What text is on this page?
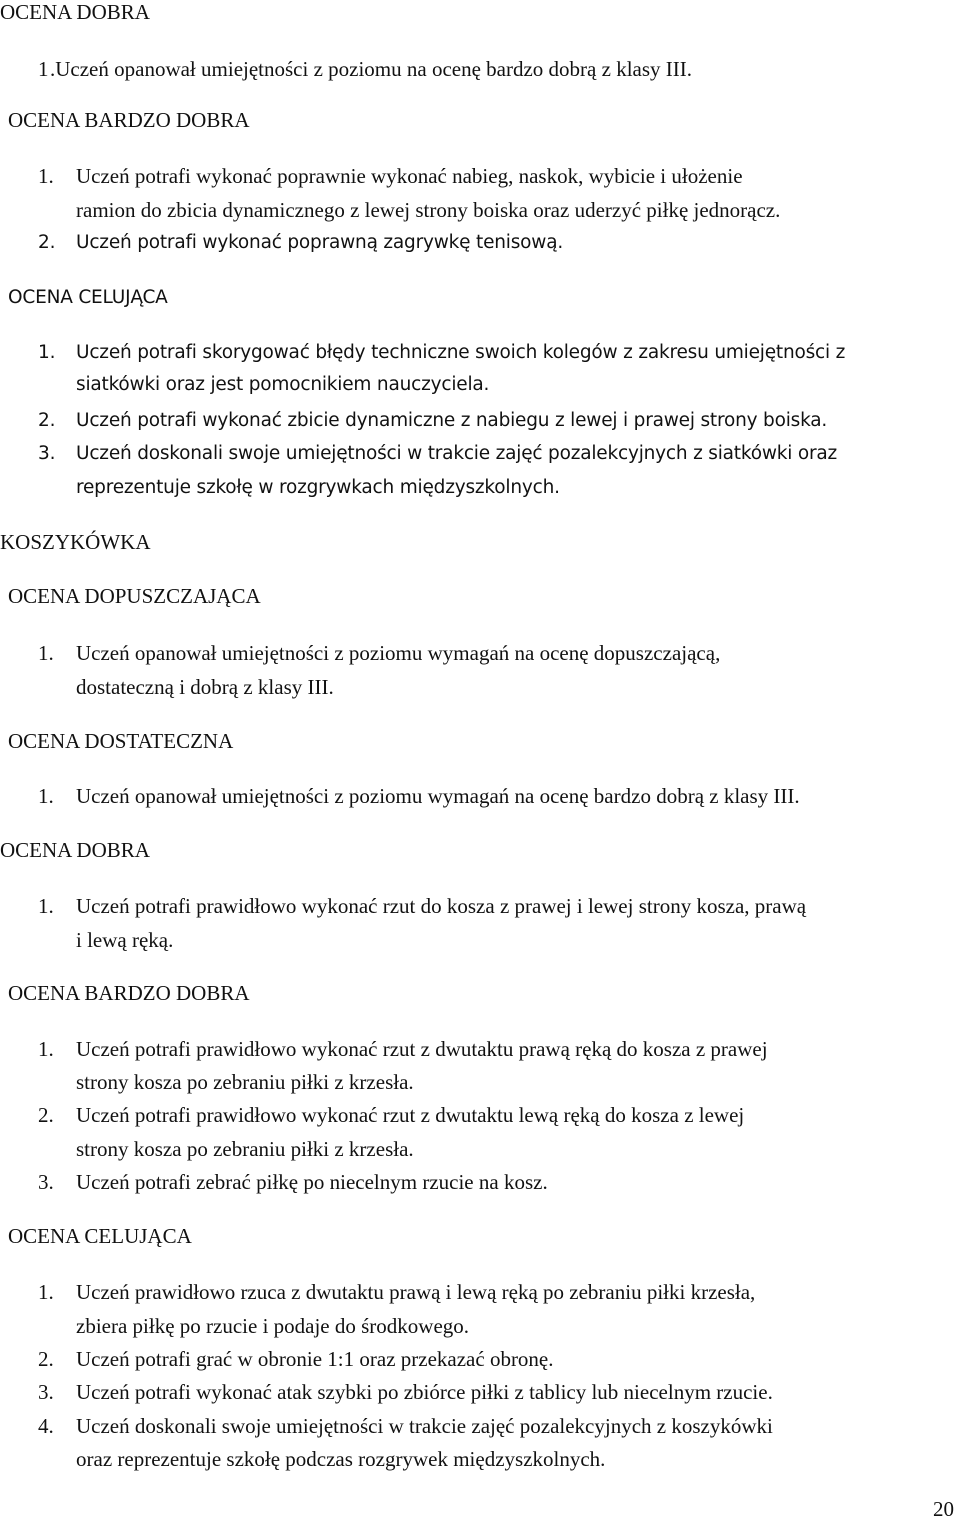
OCENA DOBRA
1 .Uczeń opanował umiejętności z poziomu na ocenę bardzo dobrą z klasy III.
OCENA BARDZO DOBRA
1. Uczeń potrafi wykonać poprawnie wykonać nabieg, naskok, wybicie i ułożenie
ramion do zbicia dynamicznego z lewej strony boiska oraz uderzyć piłkę jednorącz.
2. Uczeń potrafi wykonać poprawną zagrywkę tenisową.
OCENA CELUJĄCA
1. Uczeń potrafi skorygować błędy techniczne swoich kolegów z zakresu umiejętności z
siatkówki oraz jest pomocnikiem nauczyciela.
2. Uczeń potrafi wykonać zbicie dynamiczne z nabiegu z lewej i prawej strony boiska.
3. Uczeń doskonali swoje umiejętności w trakcie zajęć pozalekcyjnych z siatkówki oraz
reprezentuje szkołę w rozgrywkach międzyszkolnych.
KOSZYKÓWKA
OCENA DOPUSZCZAJĄCA
1. Uczeń opanował umiejętności z poziomu wymagań na ocenę dopuszczającą,
dostateczną i dobrą z klasy III.
OCENA DOSTATECZNA
1. Uczeń opanował umiejętności z poziomu wymagań na ocenę bardzo dobrą z klasy III.
OCENA DOBRA
1. Uczeń potrafi prawidłowo wykonać rzut do kosza z prawej i lewej strony kosza, prawą
i lewą ręką.
OCENA BARDZO DOBRA
1. Uczeń potrafi prawidłowo wykonać rzut z dwutaktu prawą ręką do kosza z prawej
strony kosza po zebraniu piłki z krzesła.
2. Uczeń potrafi prawidłowo wykonać rzut z dwutaktu lewą ręką do kosza z lewej
strony kosza po zebraniu piłki z krzesła.
3. Uczeń potrafi zebrać piłkę po niecelnym rzucie na kosz.
OCENA CELUJĄCA
1. Uczeń prawidłowo rzuca z dwutaktu prawą i lewą ręką po zebraniu piłki krzesła,
zbiera piłkę po rzucie i podaje do środkowego.
2. Uczeń potrafi grać w obronie 1:1 oraz przekazać obronę.
3. Uczeń potrafi wykonać atak szybki po zbiórce piłki z tablicy lub niecelnym rzucie.
4. Uczeń doskonali swoje umiejętności w trakcie zajęć pozalekcyjnych z koszykówki
oraz reprezentuje szkołę podczas rozgrywek międzyszkolnych.
20
